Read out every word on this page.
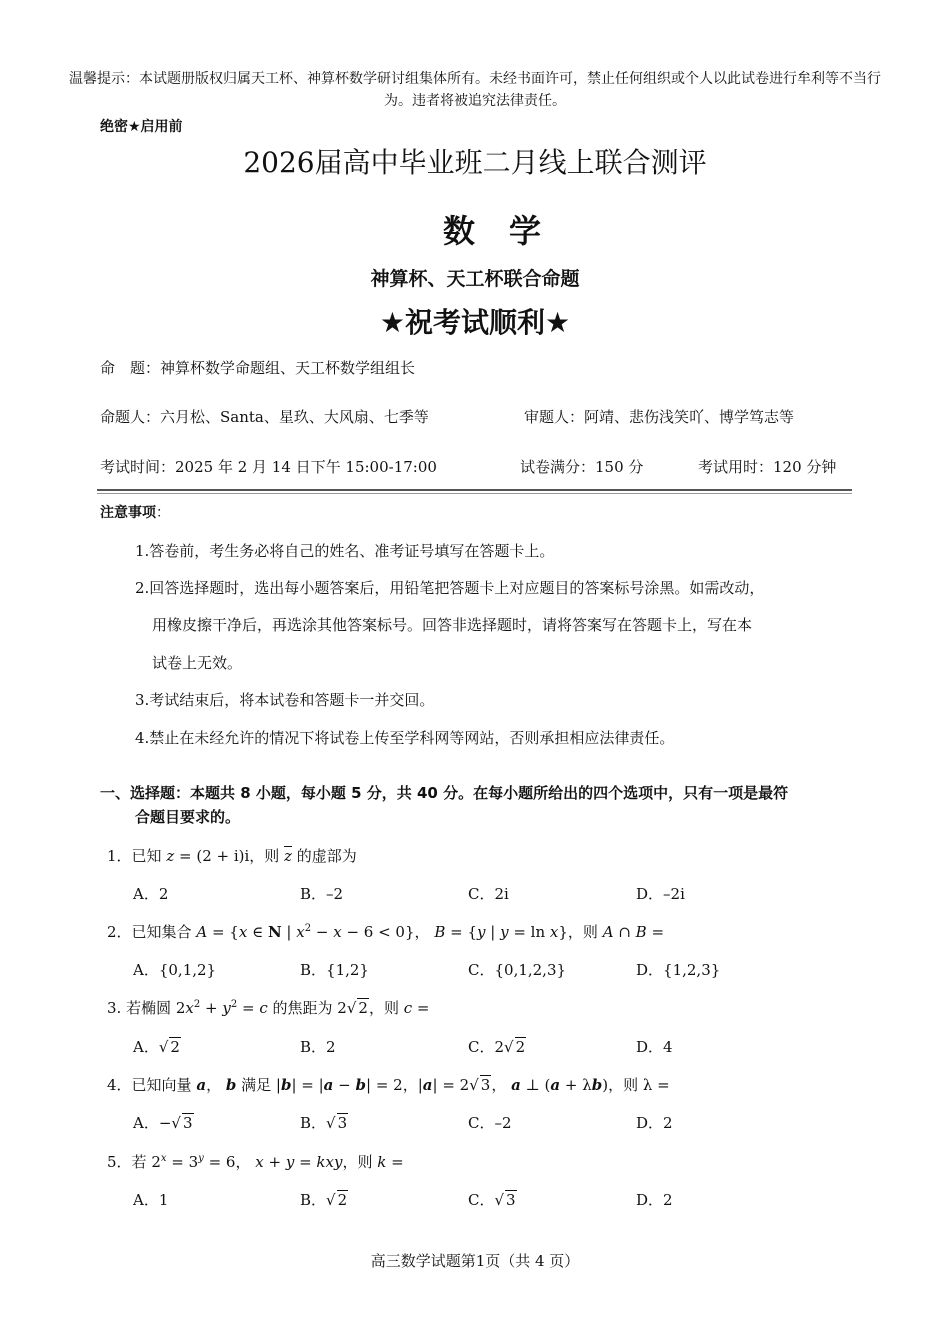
温馨提示：本试题册版权归属天工杯、神算杯数学研讨组集体所有。未经书面许可，禁止任何组织或个人以此试卷进行牟利等不当行为。违者将被追究法律责任。
绝密★启用前
2026届高中毕业班二月线上联合测评
数学
神算杯、天工杯联合命题
★祝考试顺利★
命　题：神算杯数学命题组、天工杯数学组组长
命题人：六月松、Santa、星玖、大风扇、七季等	审题人：阿靖、悲伤浅笑吖、博学笃志等
考试时间：2025 年 2 月 14 日下午 15:00-17:00	试卷满分：150 分	考试用时：120 分钟
注意事项：
1.答卷前，考生务必将自己的姓名、准考证号填写在答题卡上。
2.回答选择题时，选出每小题答案后，用铅笔把答题卡上对应题目的答案标号涂黑。如需改动，
用橡皮擦干净后，再选涂其他答案标号。回答非选择题时，请将答案写在答题卡上，写在本
试卷上无效。
3.考试结束后，将本试卷和答题卡一并交回。
4.禁止在未经允许的情况下将试卷上传至学科网等网站，否则承担相应法律责任。
一、选择题：本题共 8 小题，每小题 5 分，共 40 分。在每小题所给出的四个选项中，只有一项是最符
合题目要求的。
1．已知 z = (2 + i)i，则 $\overline{z}$ 的虚部为
A．2	B．–2	C．2i	D．–2i
2．已知集合 A = {x ∈ N | $x^2 - x - 6 < 0$}， B = {y | y = ln x}，则 A ∩ B =
A．{0,1,2}	B．{1,2}	C．{0,1,2,3}	D．{1,2,3}
3. 若椭圆 $2x^2 + y^2 = c$ 的焦距为 2√ 2，则 c =
A．√ 2	B．2	C．2√ 2	D．4
4．已知向量 a， b 满足 |b| = |a − b| = 2，|a| = 2√ 3， a ⊥ (a + λb)，则 λ =
A．−√ 3	B．√ 3	C．–2	D．2
5．若 $2^x = 3^y = 6$， x + y = kxy，则 k =
A．1	B．√ 2	C．√ 3	D．2
高三数学试题第1页（共 4 页）
